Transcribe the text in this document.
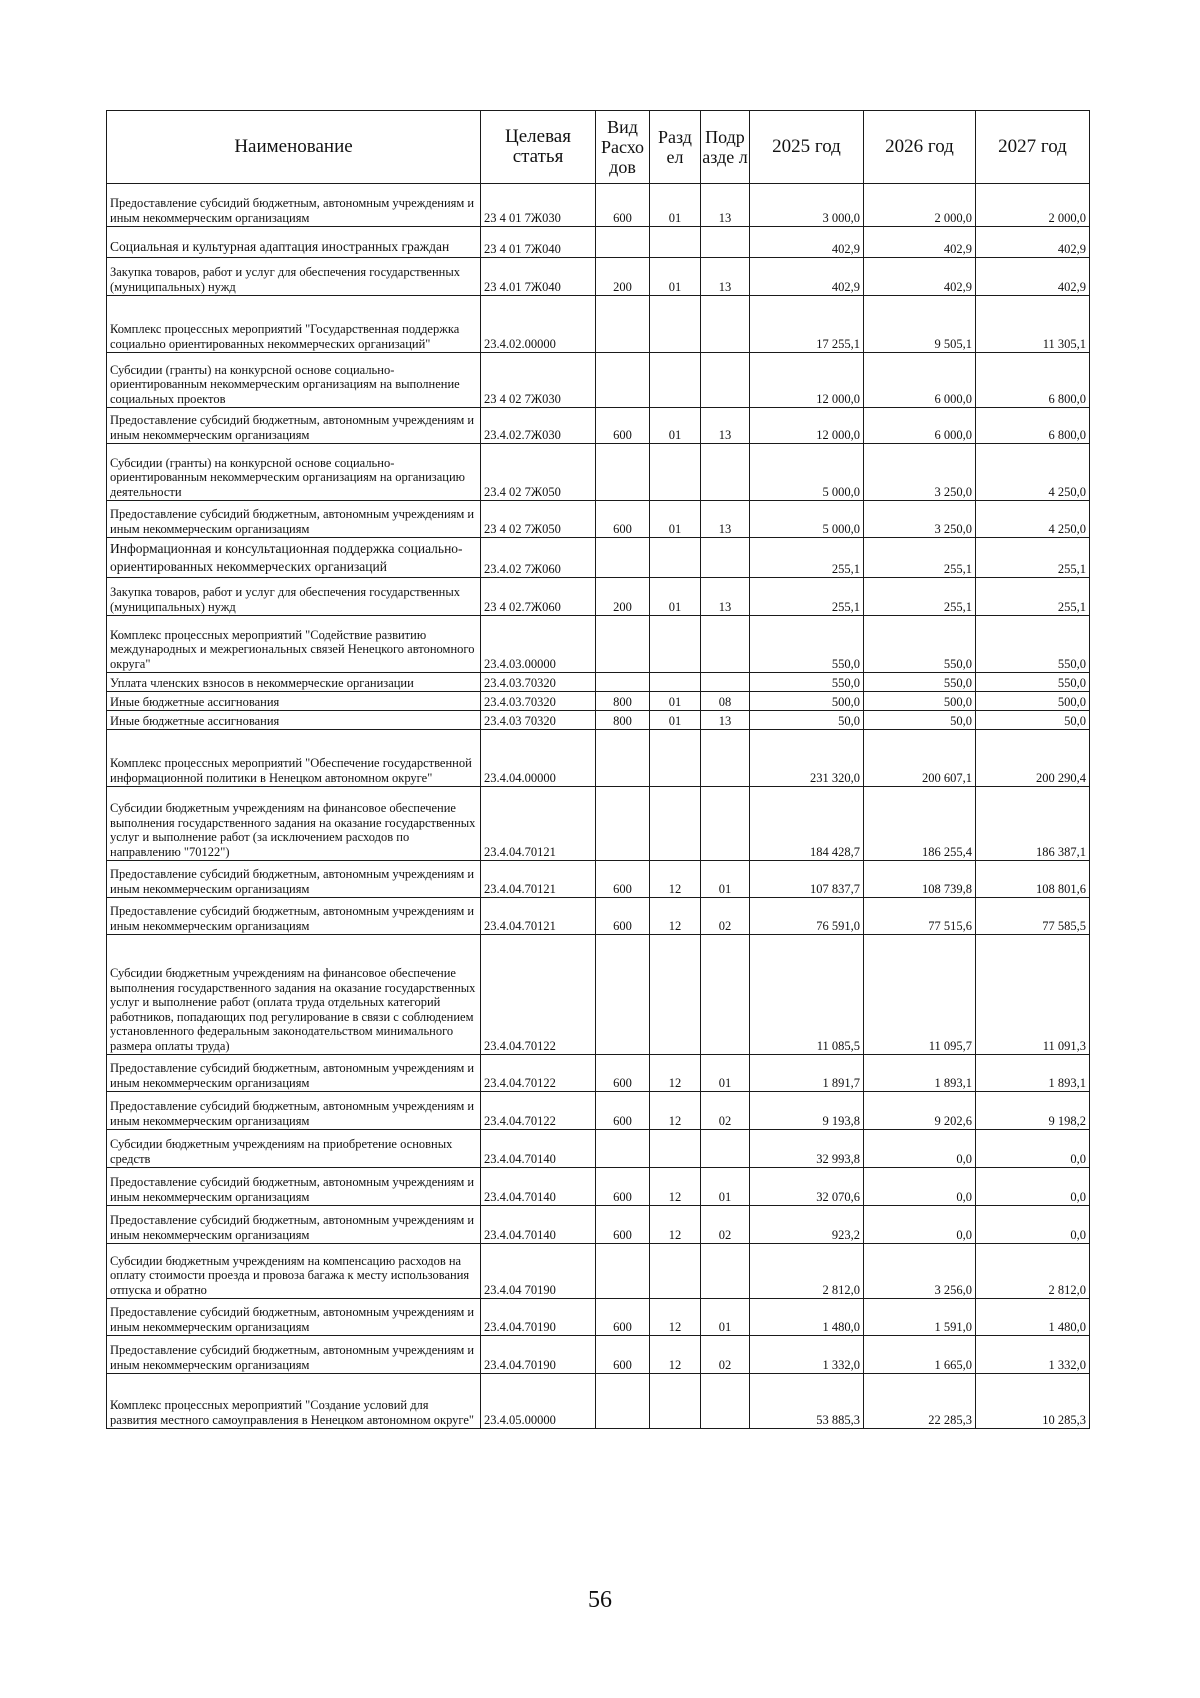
Наименование	Целевая статья	Вид Расхо дов	Разд ел	Подр азде л	2025 год	2026 год	2027 год
Предоставление субсидий бюджетным, автономным учреждениям и иным некоммерческим организациям	23 4 01 7Ж030	600	01	13	3 000,0	2 000,0	2 000,0
Социальная и культурная адаптация иностранных граждан	23 4 01 7Ж040				402,9	402,9	402,9
Закупка товаров, работ и услуг для обеспечения государственных (муниципальных) нужд	23 4.01 7Ж040	200	01	13	402,9	402,9	402,9
Комплекс процессных мероприятий "Государственная поддержка социально ориентированных некоммерческих организаций"	23.4.02.00000				17 255,1	9 505,1	11 305,1
Субсидии (гранты) на конкурсной основе социально-ориентированным некоммерческим организациям на выполнение социальных проектов	23 4 02 7Ж030				12 000,0	6 000,0	6 800,0
Предоставление субсидий бюджетным, автономным учреждениям и иным некоммерческим организациям	23.4.02.7Ж030	600	01	13	12 000,0	6 000,0	6 800,0
Субсидии (гранты) на конкурсной основе социально-ориентированным некоммерческим организациям на организацию деятельности	23.4 02 7Ж050				5 000,0	3 250,0	4 250,0
Предоставление субсидий бюджетным, автономным учреждениям и иным некоммерческим организациям	23 4 02 7Ж050	600	01	13	5 000,0	3 250,0	4 250,0
Информационная и консультационная поддержка социально-ориентированных некоммерческих организаций	23.4.02 7Ж060				255,1	255,1	255,1
Закупка товаров, работ и услуг для обеспечения государственных (муниципальных) нужд	23 4 02.7Ж060	200	01	13	255,1	255,1	255,1
Комплекс процессных мероприятий "Содействие развитию международных и межрегиональных связей Ненецкого автономного округа"	23.4.03.00000				550,0	550,0	550,0
Уплата членских взносов в некоммерческие организации	23.4.03.70320				550,0	550,0	550,0
Иные бюджетные ассигнования	23.4.03.70320	800	01	08	500,0	500,0	500,0
Иные бюджетные ассигнования	23.4.03 70320	800	01	13	50,0	50,0	50,0
Комплекс процессных мероприятий "Обеспечение государственной информационной политики в Ненецком автономном округе"	23.4.04.00000				231 320,0	200 607,1	200 290,4
Субсидии бюджетным учреждениям на финансовое обеспечение выполнения государственного задания на оказание государственных услуг и выполнение работ (за исключением расходов по направлению "70122")	23.4.04.70121				184 428,7	186 255,4	186 387,1
Предоставление субсидий бюджетным, автономным учреждениям и иным некоммерческим организациям	23.4.04.70121	600	12	01	107 837,7	108 739,8	108 801,6
Предоставление субсидий бюджетным, автономным учреждениям и иным некоммерческим организациям	23.4.04.70121	600	12	02	76 591,0	77 515,6	77 585,5
Субсидии бюджетным учреждениям на финансовое обеспечение выполнения государственного задания на оказание государственных услуг и выполнение работ (оплата труда отдельных категорий работников, попадающих под регулирование в связи с соблюдением установленного федеральным законодательством минимального размера оплаты труда)	23.4.04.70122				11 085,5	11 095,7	11 091,3
Предоставление субсидий бюджетным, автономным учреждениям и иным некоммерческим организациям	23.4.04.70122	600	12	01	1 891,7	1 893,1	1 893,1
Предоставление субсидий бюджетным, автономным учреждениям и иным некоммерческим организациям	23.4.04.70122	600	12	02	9 193,8	9 202,6	9 198,2
Субсидии бюджетным учреждениям на приобретение основных средств	23.4.04.70140				32 993,8	0,0	0,0
Предоставление субсидий бюджетным, автономным учреждениям и иным некоммерческим организациям	23.4.04.70140	600	12	01	32 070,6	0,0	0,0
Предоставление субсидий бюджетным, автономным учреждениям и иным некоммерческим организациям	23.4.04.70140	600	12	02	923,2	0,0	0,0
Субсидии бюджетным учреждениям на компенсацию расходов на оплату стоимости проезда и провоза багажа к месту использования отпуска и обратно	23.4.04 70190				2 812,0	3 256,0	2 812,0
Предоставление субсидий бюджетным, автономным учреждениям и иным некоммерческим организациям	23.4.04.70190	600	12	01	1 480,0	1 591,0	1 480,0
Предоставление субсидий бюджетным, автономным учреждениям и иным некоммерческим организациям	23.4.04.70190	600	12	02	1 332,0	1 665,0	1 332,0
Комплекс процессных мероприятий "Создание условий для развития местного самоуправления в Ненецком автономном округе"	23.4.05.00000				53 885,3	22 285,3	10 285,3
56
